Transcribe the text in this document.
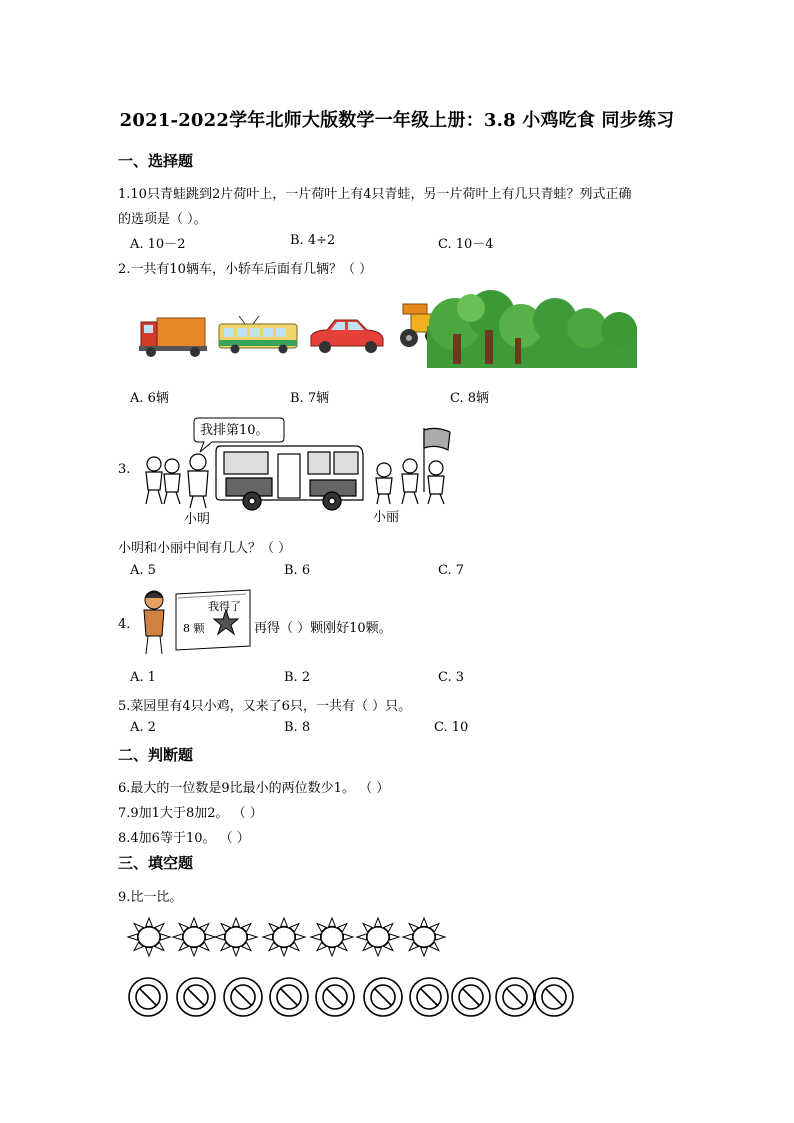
2021-2022学年北师大版数学一年级上册：3.8 小鸡吃食 同步练习
一、选择题
1.10只青蛙跳到2片荷叶上，一片荷叶上有4只青蛙，另一片荷叶上有几只青蛙？列式正确
的选项是（ ）。
A. 10－2	B. 4÷2	C. 10－4
2.一共有10辆车，小轿车后面有几辆？（ ）
A. 6辆	B. 7辆	C. 8辆
3.
我排第10。
小明	小丽
小明和小丽中间有几人？（ ）
A. 5	B. 6	C. 7
4.
我得了
8 颗	再得（ ）颗刚好10颗。
A. 1	B. 2	C. 3
5.菜园里有4只小鸡，又来了6只，一共有（ ）只。
A. 2	B. 8	C. 10
二、判断题
6.最大的一位数是9比最小的两位数少1。 （ ）
7.9加1大于8加2。 （ ）
8.4加6等于10。 （ ）
三、填空题
9.比一比。
